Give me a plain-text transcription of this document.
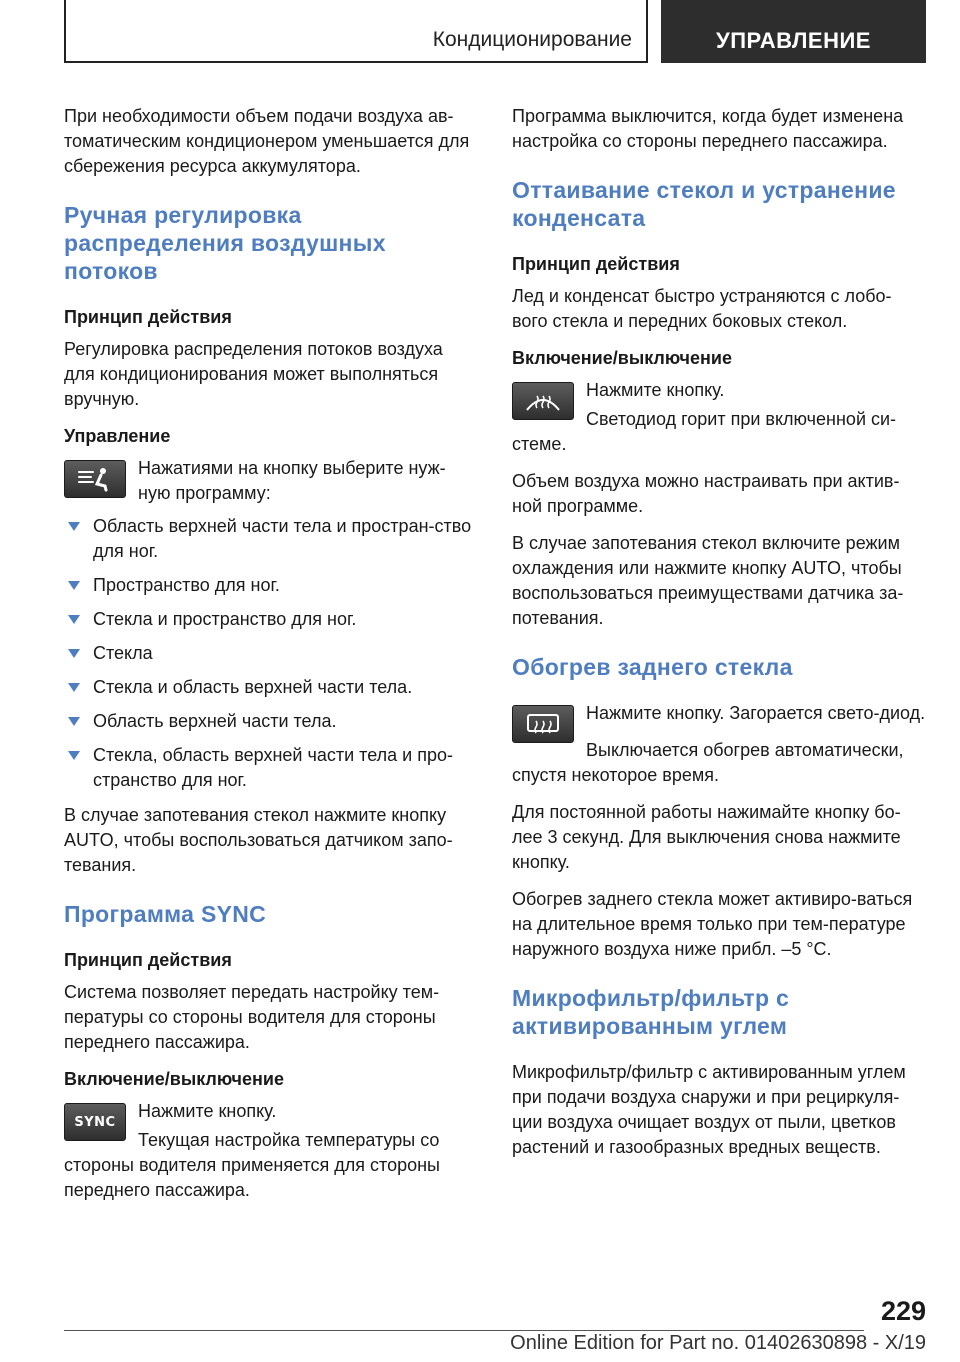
Кондиционирование	УПРАВЛЕНИЕ

При необходимости объем подачи воздуха ав-томатическим кондиционером уменьшается для сбережения ресурса аккумулятора.

Ручная регулировка распределения воздушных потоков
Принцип действия

Регулировка распределения потоков воздуха для кондиционирования может выполняться вручную.

Управление
Нажатиями на кнопку выберите нуж-ную программу:
Область верхней части тела и простран-ство для ног.
Пространство для ног.
Стекла и пространство для ног.
Стекла
Стекла и область верхней части тела.
Область верхней части тела.
Стекла, область верхней части тела и про-странство для ног.

В случае запотевания стекол нажмите кнопку AUTO, чтобы воспользоваться датчиком запо-тевания.

Программа SYNC
Принцип действия

Система позволяет передать настройку тем-пературы со стороны водителя для стороны переднего пассажира.

Включение/выключение
SYNC

Нажмите кнопку.

Текущая настройка температуры со стороны водителя применяется для стороны переднего пассажира.

Программа выключится, когда будет изменена настройка со стороны переднего пассажира.

Оттаивание стекол и устранение конденсата
Принцип действия

Лед и конденсат быстро устраняются с лобо-вого стекла и передних боковых стекол.

Включение/выключение

Нажмите кнопку.

Светодиод горит при включенной си-стеме.

Объем воздуха можно настраивать при актив-ной программе.

В случае запотевания стекол включите режим охлаждения или нажмите кнопку AUTO, чтобы воспользоваться преимуществами датчика за-потевания.

Обогрев заднего стекла

Нажмите кнопку. Загорается свето-диод.

Выключается обогрев автоматически, спустя некоторое время.

Для постоянной работы нажимайте кнопку бо-лее 3 секунд. Для выключения снова нажмите кнопку.

Обогрев заднего стекла может активиро-ваться на длительное время только при тем-пературе наружного воздуха ниже прибл. –5 °C.

Микрофильтр/фильтр с активированным углем

Микрофильтр/фильтр с активированным углем при подачи воздуха снаружи и при рециркуля-ции воздуха очищает воздух от пыли, цветков растений и газообразных вредных веществ.

229
Online Edition for Part no. 01402630898 - X/19
